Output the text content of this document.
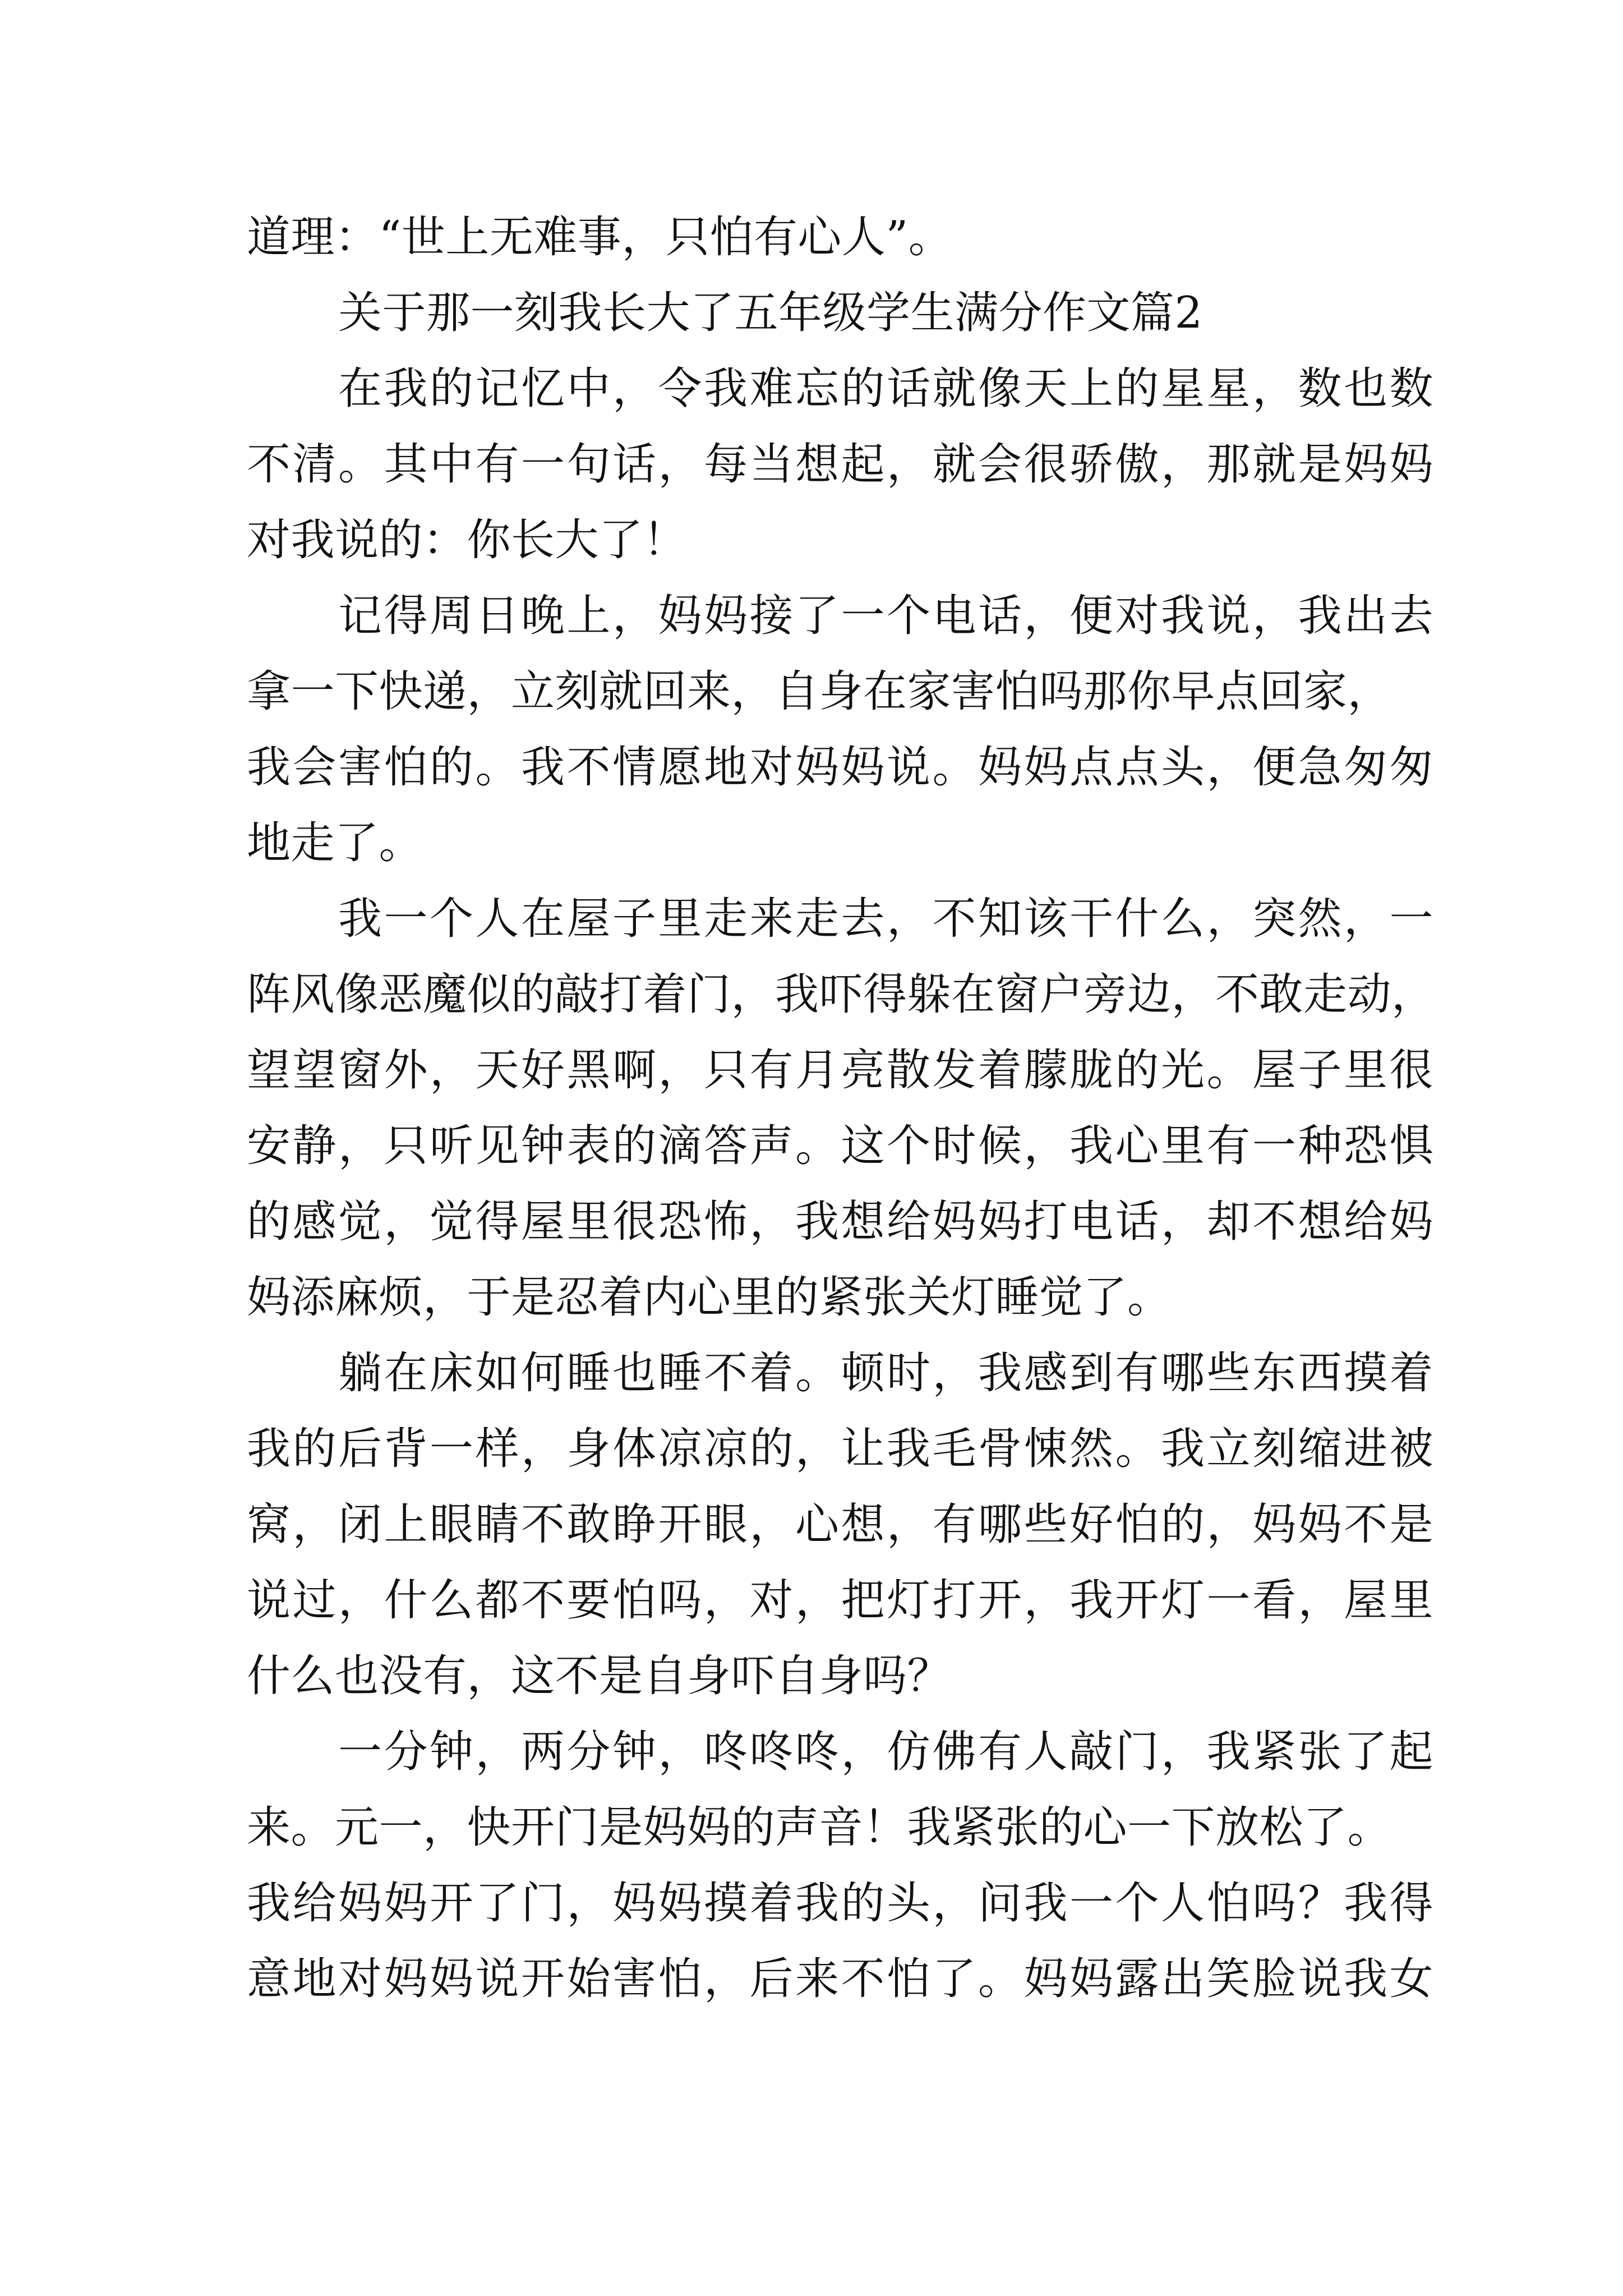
道理：“世上无难事，只怕有心人”。
关于那一刻我长大了五年级学生满分作文篇2
在我的记忆中，令我难忘的话就像天上的星星，数也数
不清。其中有一句话，每当想起，就会很骄傲，那就是妈妈
对我说的：你长大了！
记得周日晚上，妈妈接了一个电话，便对我说，我出去
拿一下快递，立刻就回来，自身在家害怕吗那你早点回家，
我会害怕的。我不情愿地对妈妈说。妈妈点点头，便急匆匆
地走了。
我一个人在屋子里走来走去，不知该干什么，突然，一
阵风像恶魔似的敲打着门，我吓得躲在窗户旁边，不敢走动，
望望窗外，天好黑啊，只有月亮散发着朦胧的光。屋子里很
安静，只听见钟表的滴答声。这个时候，我心里有一种恐惧
的感觉，觉得屋里很恐怖，我想给妈妈打电话，却不想给妈
妈添麻烦，于是忍着内心里的紧张关灯睡觉了。
躺在床如何睡也睡不着。顿时，我感到有哪些东西摸着
我的后背一样，身体凉凉的，让我毛骨悚然。我立刻缩进被
窝，闭上眼睛不敢睁开眼，心想，有哪些好怕的，妈妈不是
说过，什么都不要怕吗，对，把灯打开，我开灯一看，屋里
什么也没有，这不是自身吓自身吗？
一分钟，两分钟，咚咚咚，仿佛有人敲门，我紧张了起
来。元一，快开门是妈妈的声音！我紧张的心一下放松了。
我给妈妈开了门，妈妈摸着我的头，问我一个人怕吗？我得
意地对妈妈说开始害怕，后来不怕了。妈妈露出笑脸说我女
